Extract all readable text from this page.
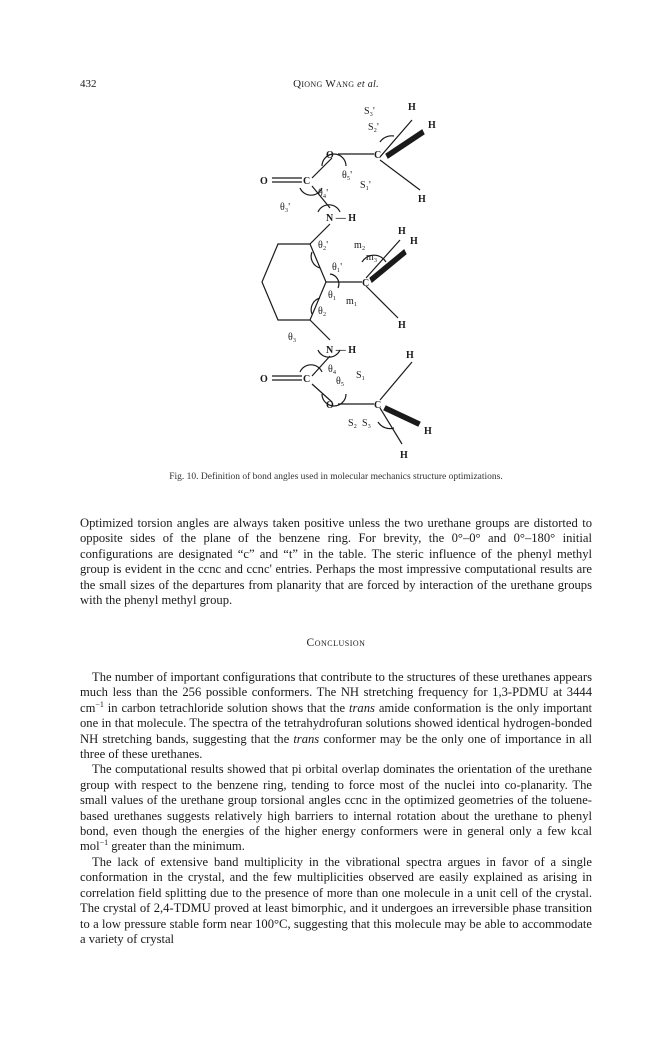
432	Qiong Wang et al.
S₃'	H
S₂'	H
O	C
θ₅'
S₁'
O	C
θ₄'
H
θ₃'
N — H
H
H
θ₂'	m₂
m₃
θ₁'
C
θ₁
m₁
θ₂
H
θ₃
N — H	H
θ₄
S₁
O	C	θ₅
O	C
S₂ S₃
H
H
Fig. 10. Definition of bond angles used in molecular mechanics structure optimizations.

Optimized torsion angles are always taken positive unless the two urethane groups are distorted to opposite sides of the plane of the benzene ring. For brevity, the 0°–0° and 0°–180° initial configurations are designated “c” and “t” in the table. The steric influence of the phenyl methyl group is evident in the ccnc and ccnc' entries. Perhaps the most impressive computational results are the small sizes of the departures from planarity that are forced by interaction of the urethane groups with the phenyl methyl group.

Conclusion

The number of important configurations that contribute to the structures of these urethanes appears much less than the 256 possible conformers. The NH stretching frequency for 1,3-PDMU at 3444 $cm^{-1}$ in carbon tetrachloride solution shows that the trans amide conformation is the only important one in that molecule. The spectra of the tetrahydrofuran solutions showed identical hydrogen-bonded NH stretching bands, suggesting that the trans conformer may be the only one of importance in all three of these urethanes.

The computational results showed that pi orbital overlap dominates the orientation of the urethane group with respect to the benzene ring, tending to force most of the nuclei into co-planarity. The small values of the urethane group torsional angles ccnc in the optimized geometries of the toluene-based urethanes suggests relatively high barriers to internal rotation about the urethane to phenyl bond, even though the energies of the higher energy conformers were in general only a few kcal mol$^{-1}$ greater than the minimum.

The lack of extensive band multiplicity in the vibrational spectra argues in favor of a single conformation in the crystal, and the few multiplicities observed are easily explained as arising in correlation field splitting due to the presence of more than one molecule in a unit cell of the crystal. The crystal of 2,4-TDMU proved at least bimorphic, and it undergoes an irreversible phase transition to a low pressure stable form near 100°C, suggesting that this molecule may be able to accommodate a variety of crystal
